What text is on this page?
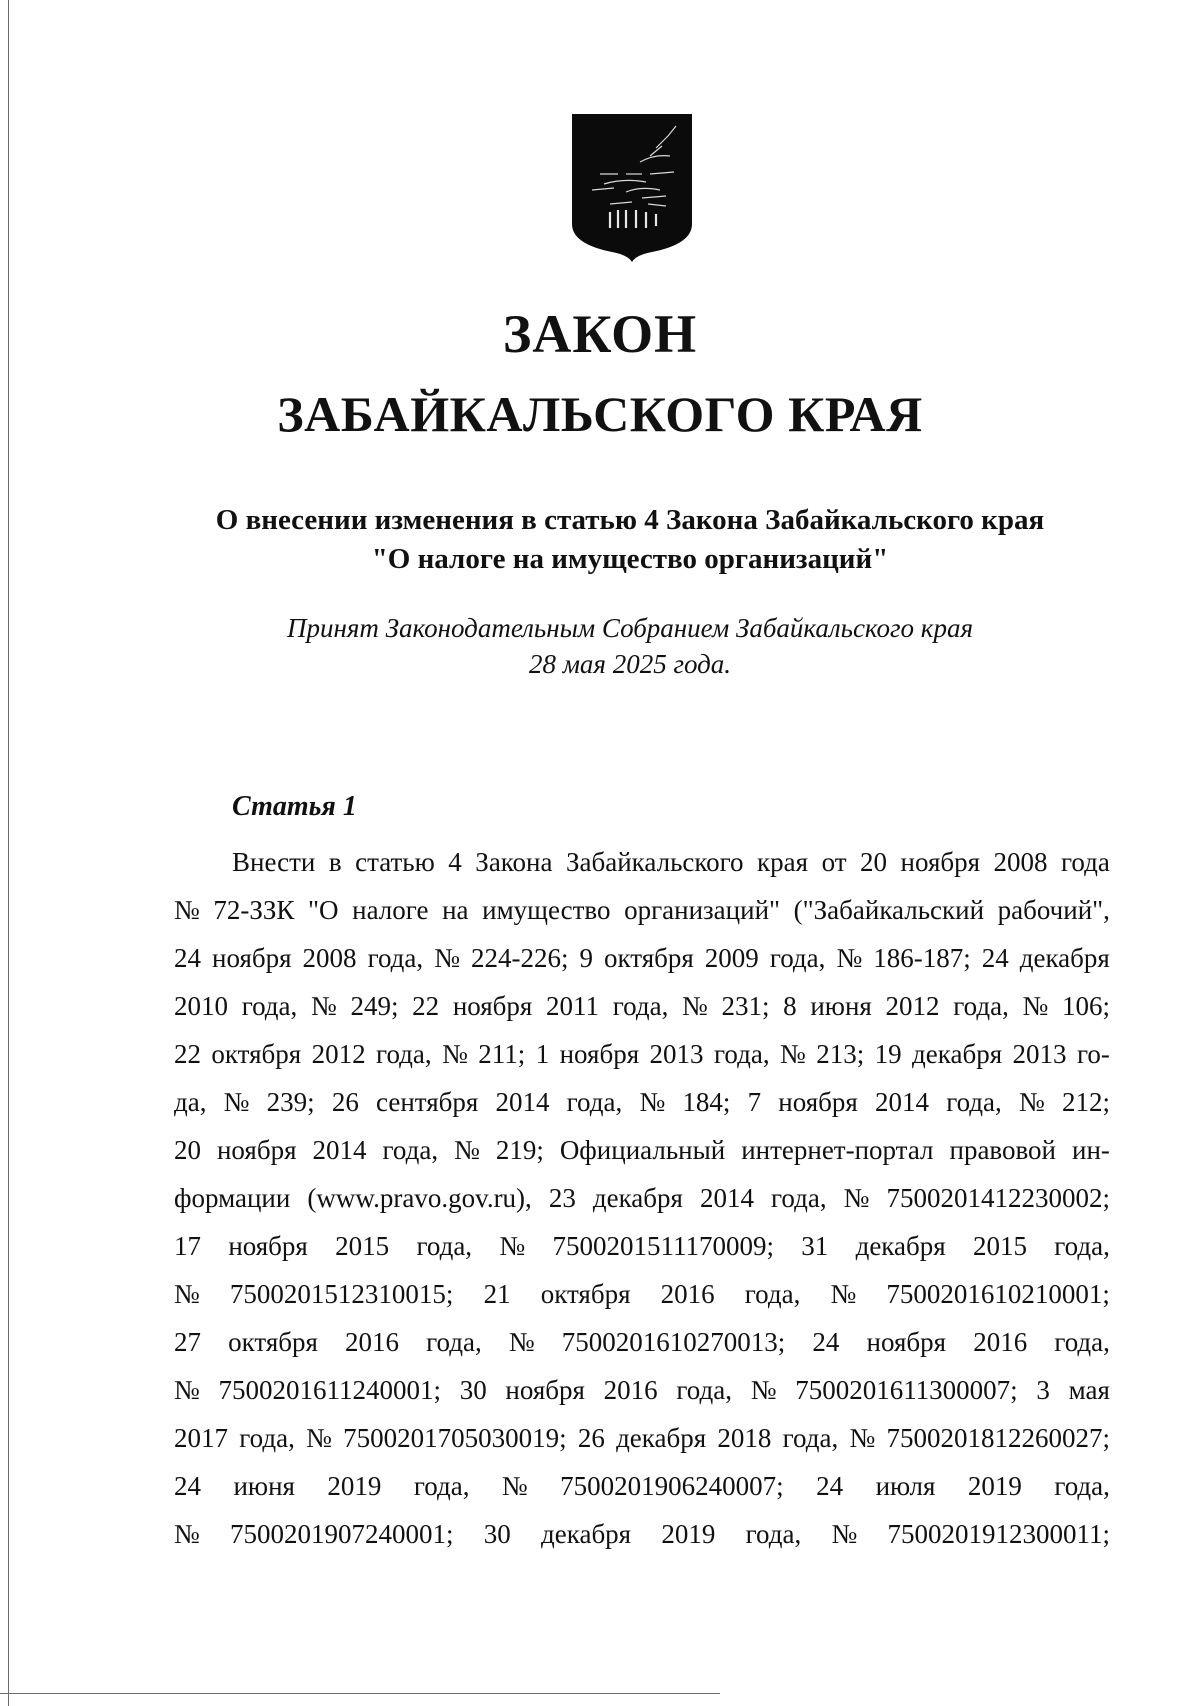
ЗАКОН
ЗАБАЙКАЛЬСКОГО КРАЯ
О внесении изменения в статью 4 Закона Забайкальского края
"О налоге на имущество организаций"

Принят Законодательным Собранием Забайкальского края
28 мая 2025 года.

Статья 1

Внести в статью 4 Закона Забайкальского края от 20 ноября 2008 года
№ 72-ЗЗК "О налоге на имущество организаций" ("Забайкальский рабочий",
24 ноября 2008 года, № 224-226; 9 октября 2009 года, № 186-187; 24 декабря
2010 года, № 249; 22 ноября 2011 года, № 231; 8 июня 2012 года, № 106;
22 октября 2012 года, № 211; 1 ноября 2013 года, № 213; 19 декабря 2013 го-
да, № 239; 26 сентября 2014 года, № 184; 7 ноября 2014 года, № 212;
20 ноября 2014 года, № 219; Официальный интернет-портал правовой ин-
формации (www.pravo.gov.ru), 23 декабря 2014 года, № 7500201412230002;
17 ноября 2015 года, № 7500201511170009; 31 декабря 2015 года,
№ 7500201512310015; 21 октября 2016 года, № 7500201610210001;
27 октября 2016 года, № 7500201610270013; 24 ноября 2016 года,
№ 7500201611240001; 30 ноября 2016 года, № 7500201611300007; 3 мая
2017 года, № 7500201705030019; 26 декабря 2018 года, № 7500201812260027;
24 июня 2019 года, № 7500201906240007; 24 июля 2019 года,
№ 7500201907240001; 30 декабря 2019 года, № 7500201912300011;
